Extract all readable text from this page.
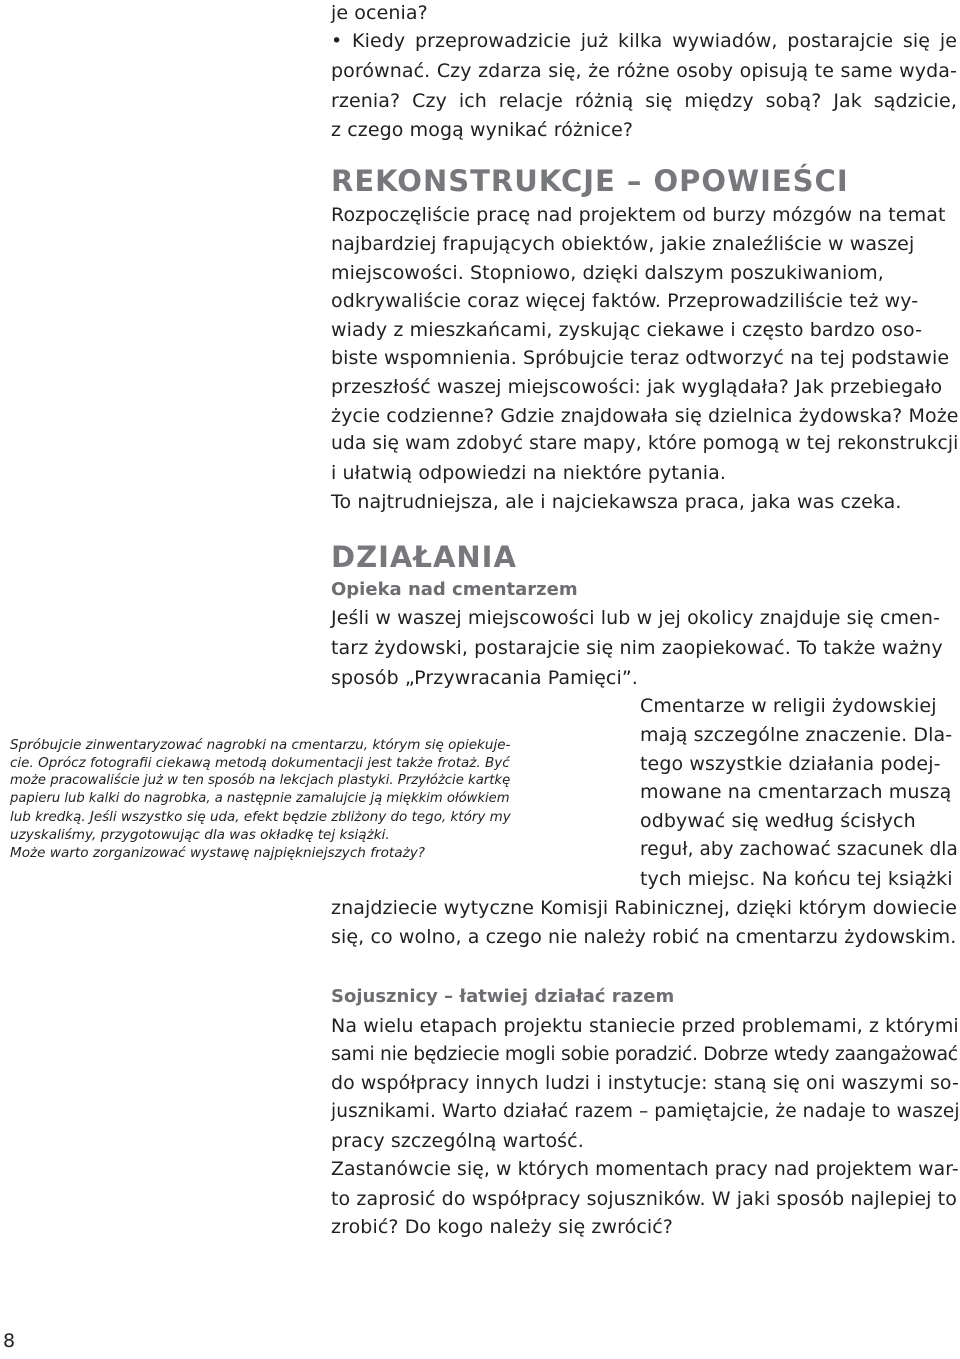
je ocenia?
• Kiedy przeprowadzicie już kilka wywiadów, postarajcie się je
porównać. Czy zdarza się, że różne osoby opisują te same wyda-
rzenia? Czy ich relacje różnią się między sobą? Jak sądzicie,
z czego mogą wynikać różnice?
REKONSTRUKCJE – OPOWIEŚCI
Rozpoczęliście pracę nad projektem od burzy mózgów na temat
najbardziej frapujących obiektów, jakie znaleźliście w waszej
miejscowości. Stopniowo, dzięki dalszym poszukiwaniom,
odkrywaliście coraz więcej faktów. Przeprowadziliście też wy-
wiady z mieszkańcami, zyskując ciekawe i często bardzo oso-
biste wspomnienia. Spróbujcie teraz odtworzyć na tej podstawie
przeszłość waszej miejscowości: jak wyglądała? Jak przebiegało
życie codzienne? Gdzie znajdowała się dzielnica żydowska? Może
uda się wam zdobyć stare mapy, które pomogą w tej rekonstrukcji
i ułatwią odpowiedzi na niektóre pytania.
To najtrudniejsza, ale i najciekawsza praca, jaka was czeka.
DZIAŁANIA
Opieka nad cmentarzem
Jeśli w waszej miejscowości lub w jej okolicy znajduje się cmen-
tarz żydowski, postarajcie się nim zaopiekować. To także ważny
sposób „Przywracania Pamięci”.
Cmentarze w religii żydowskiej
mają szczególne znaczenie. Dla-
tego wszystkie działania podej-
mowane na cmentarzach muszą
odbywać się według ścisłych
reguł, aby zachować szacunek dla
tych miejsc. Na końcu tej książki
znajdziecie wytyczne Komisji Rabinicznej, dzięki którym dowiecie
się, co wolno, a czego nie należy robić na cmentarzu żydowskim.
Spróbujcie zinwentaryzować nagrobki na cmentarzu, którym się opiekuje-
cie. Oprócz fotografii ciekawą metodą dokumentacji jest także frotaż. Być
może pracowaliście już w ten sposób na lekcjach plastyki. Przyłóżcie kartkę
papieru lub kalki do nagrobka, a następnie zamalujcie ją miękkim ołówkiem
lub kredką. Jeśli wszystko się uda, efekt będzie zbliżony do tego, który my
uzyskaliśmy, przygotowując dla was okładkę tej książki.
Może warto zorganizować wystawę najpiękniejszych frotaży?
Sojusznicy – łatwiej działać razem
Na wielu etapach projektu staniecie przed problemami, z którymi
sami nie będziecie mogli sobie poradzić. Dobrze wtedy zaangażować
do współpracy innych ludzi i instytucje: staną się oni waszymi so-
jusznikami. Warto działać razem – pamiętajcie, że nadaje to waszej
pracy szczególną wartość.
Zastanówcie się, w których momentach pracy nad projektem war-
to zaprosić do współpracy sojuszników. W jaki sposób najlepiej to
zrobić? Do kogo należy się zwrócić?
8
